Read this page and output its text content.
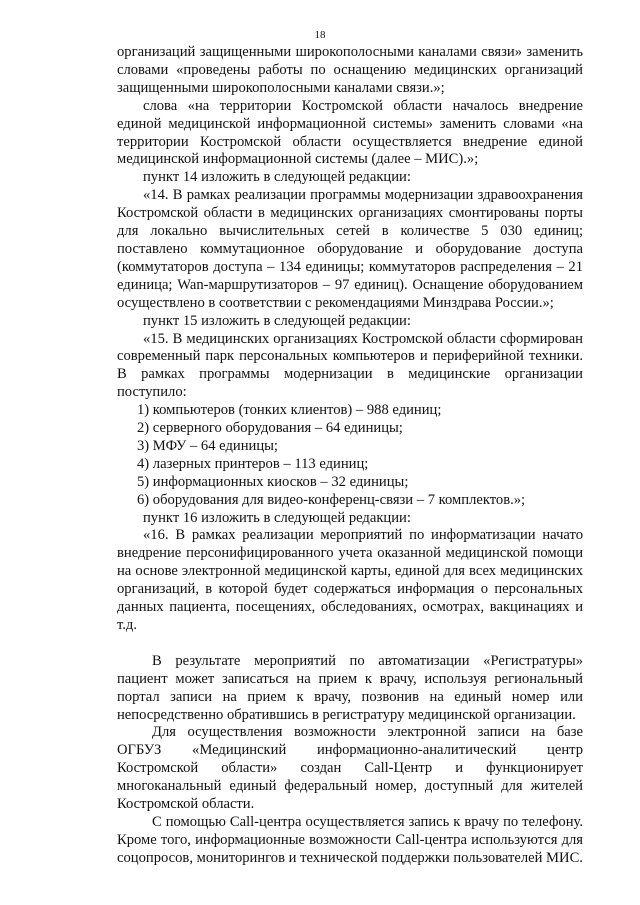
18

организаций защищенными широкополосными каналами связи» заменить словами «проведены работы по оснащению медицинских организаций защищенными широкополосными каналами связи.»;

слова «на территории Костромской области началось внедрение единой медицинской информационной системы» заменить словами «на территории Костромской области осуществляется внедрение единой медицинской информационной системы (далее – МИС).»;

пункт 14 изложить в следующей редакции:

«14. В рамках реализации программы модернизации здравоохранения Костромской области в медицинских организациях смонтированы порты для локально вычислительных сетей в количестве 5 030 единиц; поставлено коммутационное оборудование и оборудование доступа (коммутаторов доступа – 134 единицы; коммутаторов распределения – 21 единица; Wan-маршрутизаторов – 97 единиц). Оснащение оборудованием осуществлено в соответствии с рекомендациями Минздрава России.»;

пункт 15 изложить в следующей редакции:

«15. В медицинских организациях Костромской области сформирован современный парк персональных компьютеров и периферийной техники. В рамках программы модернизации в медицинские организации поступило:

1) компьютеров (тонких клиентов) – 988 единиц;
2) серверного оборудования – 64 единицы;
3) МФУ – 64 единицы;
4) лазерных принтеров – 113 единиц;
5) информационных киосков – 32 единицы;
6) оборудования для видео-конференц-связи – 7 комплектов.»;

пункт 16 изложить в следующей редакции:

«16. В рамках реализации мероприятий по информатизации начато внедрение персонифицированного учета оказанной медицинской помощи на основе электронной медицинской карты, единой для всех медицинских организаций, в которой будет содержаться информация о персональных данных пациента, посещениях, обследованиях, осмотрах, вакцинациях и т.д.

В результате мероприятий по автоматизации «Регистратуры» пациент может записаться на прием к врачу, используя региональный портал записи на прием к врачу, позвонив на единый номер или непосредственно обратившись в регистратуру медицинской организации.

Для осуществления возможности электронной записи на базе ОГБУЗ «Медицинский информационно-аналитический центр Костромской области» создан Call-Центр и функционирует многоканальный единый федеральный номер, доступный для жителей Костромской области.

С помощью Call-центра осуществляется запись к врачу по телефону. Кроме того, информационные возможности Call-центра используются для соцопросов, мониторингов и технической поддержки пользователей МИС.
